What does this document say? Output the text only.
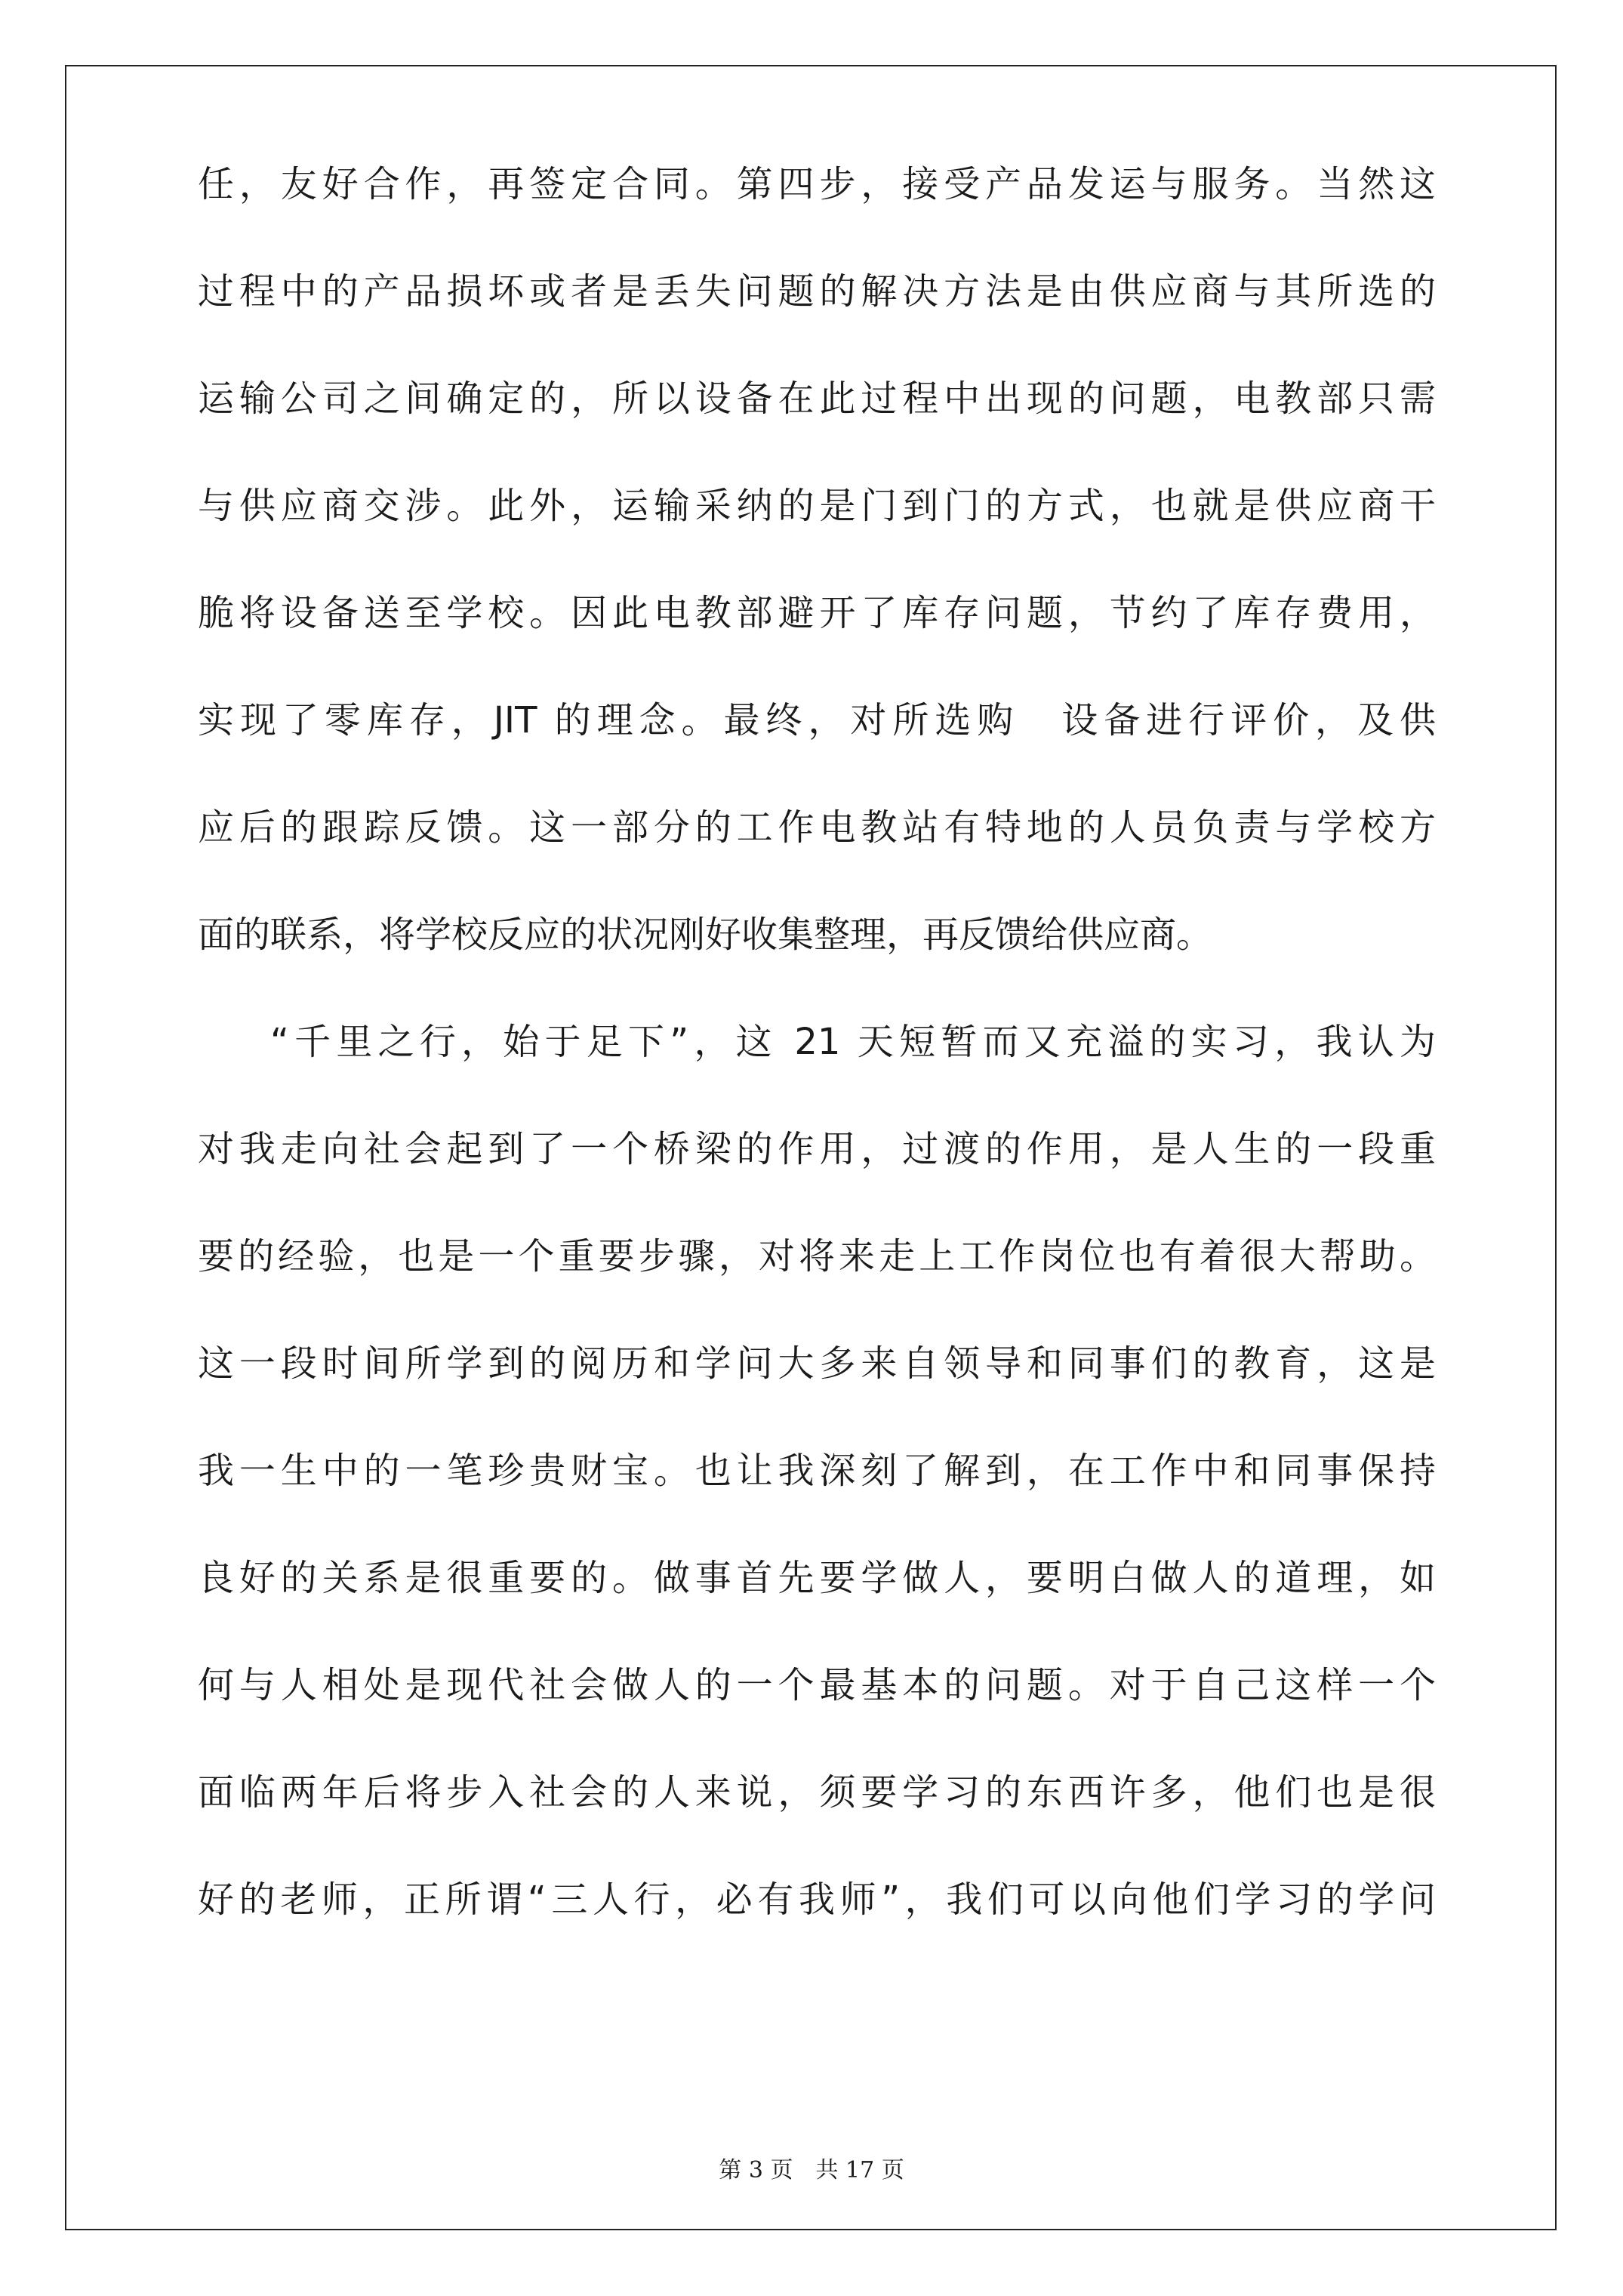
任，友好合作，再签定合同。第四步，接受产品发运与服务。当然这
过程中的产品损坏或者是丢失问题的解决方法是由供应商与其所选的
运输公司之间确定的，所以设备在此过程中出现的问题，电教部只需
与供应商交涉。此外，运输采纳的是门到门的方式，也就是供应商干
脆将设备送至学校。因此电教部避开了库存问题，节约了库存费用，
实现了零库存，JIT 的理念。最终，对所选购　设备进行评价，及供
应后的跟踪反馈。这一部分的工作电教站有特地的人员负责与学校方
面的联系，将学校反应的状况刚好收集整理，再反馈给供应商。
“千里之行，始于足下”，这 21 天短暂而又充溢的实习，我认为
对我走向社会起到了一个桥梁的作用，过渡的作用，是人生的一段重
要的经验，也是一个重要步骤，对将来走上工作岗位也有着很大帮助。
这一段时间所学到的阅历和学问大多来自领导和同事们的教育，这是
我一生中的一笔珍贵财宝。也让我深刻了解到，在工作中和同事保持
良好的关系是很重要的。做事首先要学做人，要明白做人的道理，如
何与人相处是现代社会做人的一个最基本的问题。对于自己这样一个
面临两年后将步入社会的人来说，须要学习的东西许多，他们也是很
好的老师，正所谓“三人行，必有我师”，我们可以向他们学习的学问
第 3 页　共 17 页
